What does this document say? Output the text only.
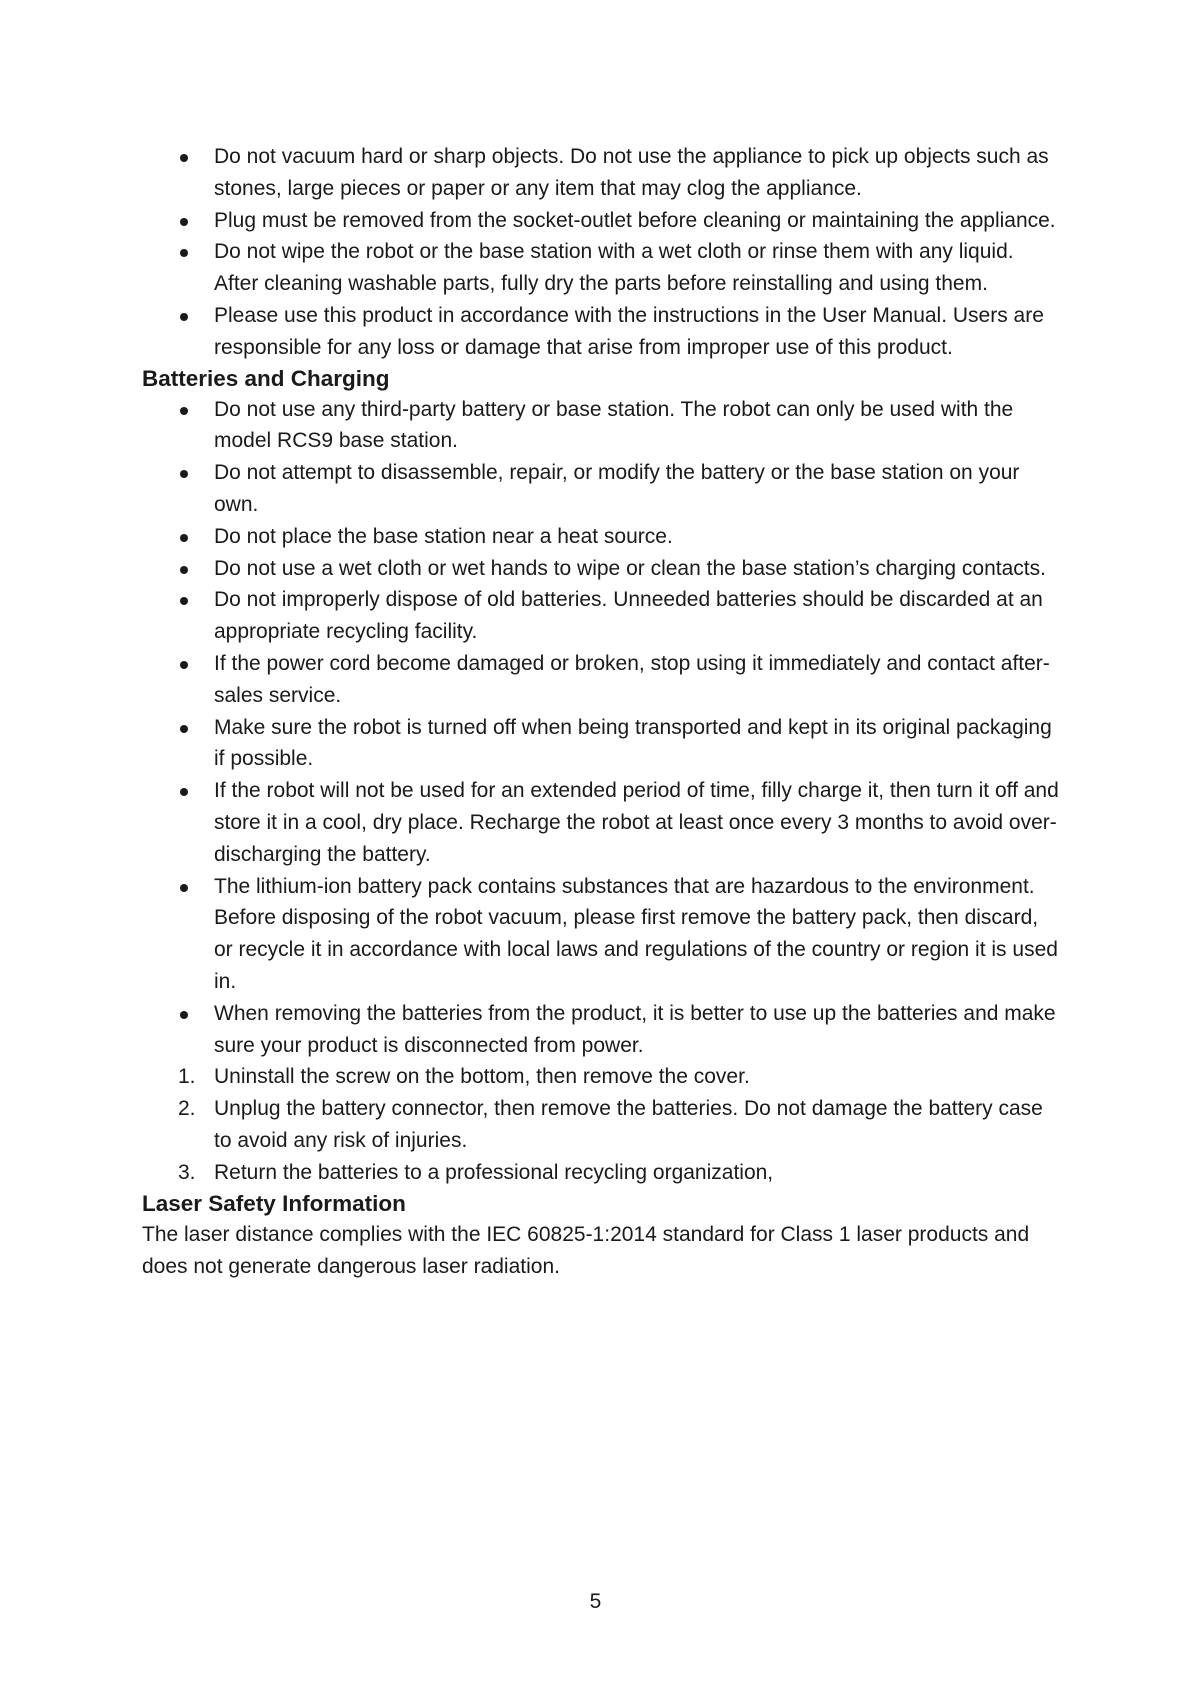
Do not vacuum hard or sharp objects. Do not use the appliance to pick up objects such as stones, large pieces or paper or any item that may clog the appliance.
Plug must be removed from the socket-outlet before cleaning or maintaining the appliance.
Do not wipe the robot or the base station with a wet cloth or rinse them with any liquid. After cleaning washable parts, fully dry the parts before reinstalling and using them.
Please use this product in accordance with the instructions in the User Manual. Users are responsible for any loss or damage that arise from improper use of this product.
Batteries and Charging
Do not use any third-party battery or base station. The robot can only be used with the model RCS9 base station.
Do not attempt to disassemble, repair, or modify the battery or the base station on your own.
Do not place the base station near a heat source.
Do not use a wet cloth or wet hands to wipe or clean the base station’s charging contacts.
Do not improperly dispose of old batteries. Unneeded batteries should be discarded at an appropriate recycling facility.
If the power cord become damaged or broken, stop using it immediately and contact after-sales service.
Make sure the robot is turned off when being transported and kept in its original packaging if possible.
If the robot will not be used for an extended period of time, filly charge it, then turn it off and store it in a cool, dry place. Recharge the robot at least once every 3 months to avoid over-discharging the battery.
The lithium-ion battery pack contains substances that are hazardous to the environment. Before disposing of the robot vacuum, please first remove the battery pack, then discard, or recycle it in accordance with local laws and regulations of the country or region it is used in.
When removing the batteries from the product, it is better to use up the batteries and make sure your product is disconnected from power.
1. Uninstall the screw on the bottom, then remove the cover.
2. Unplug the battery connector, then remove the batteries. Do not damage the battery case to avoid any risk of injuries.
3. Return the batteries to a professional recycling organization,
Laser Safety Information

The laser distance complies with the IEC 60825-1:2014 standard for Class 1 laser products and does not generate dangerous laser radiation.

5
